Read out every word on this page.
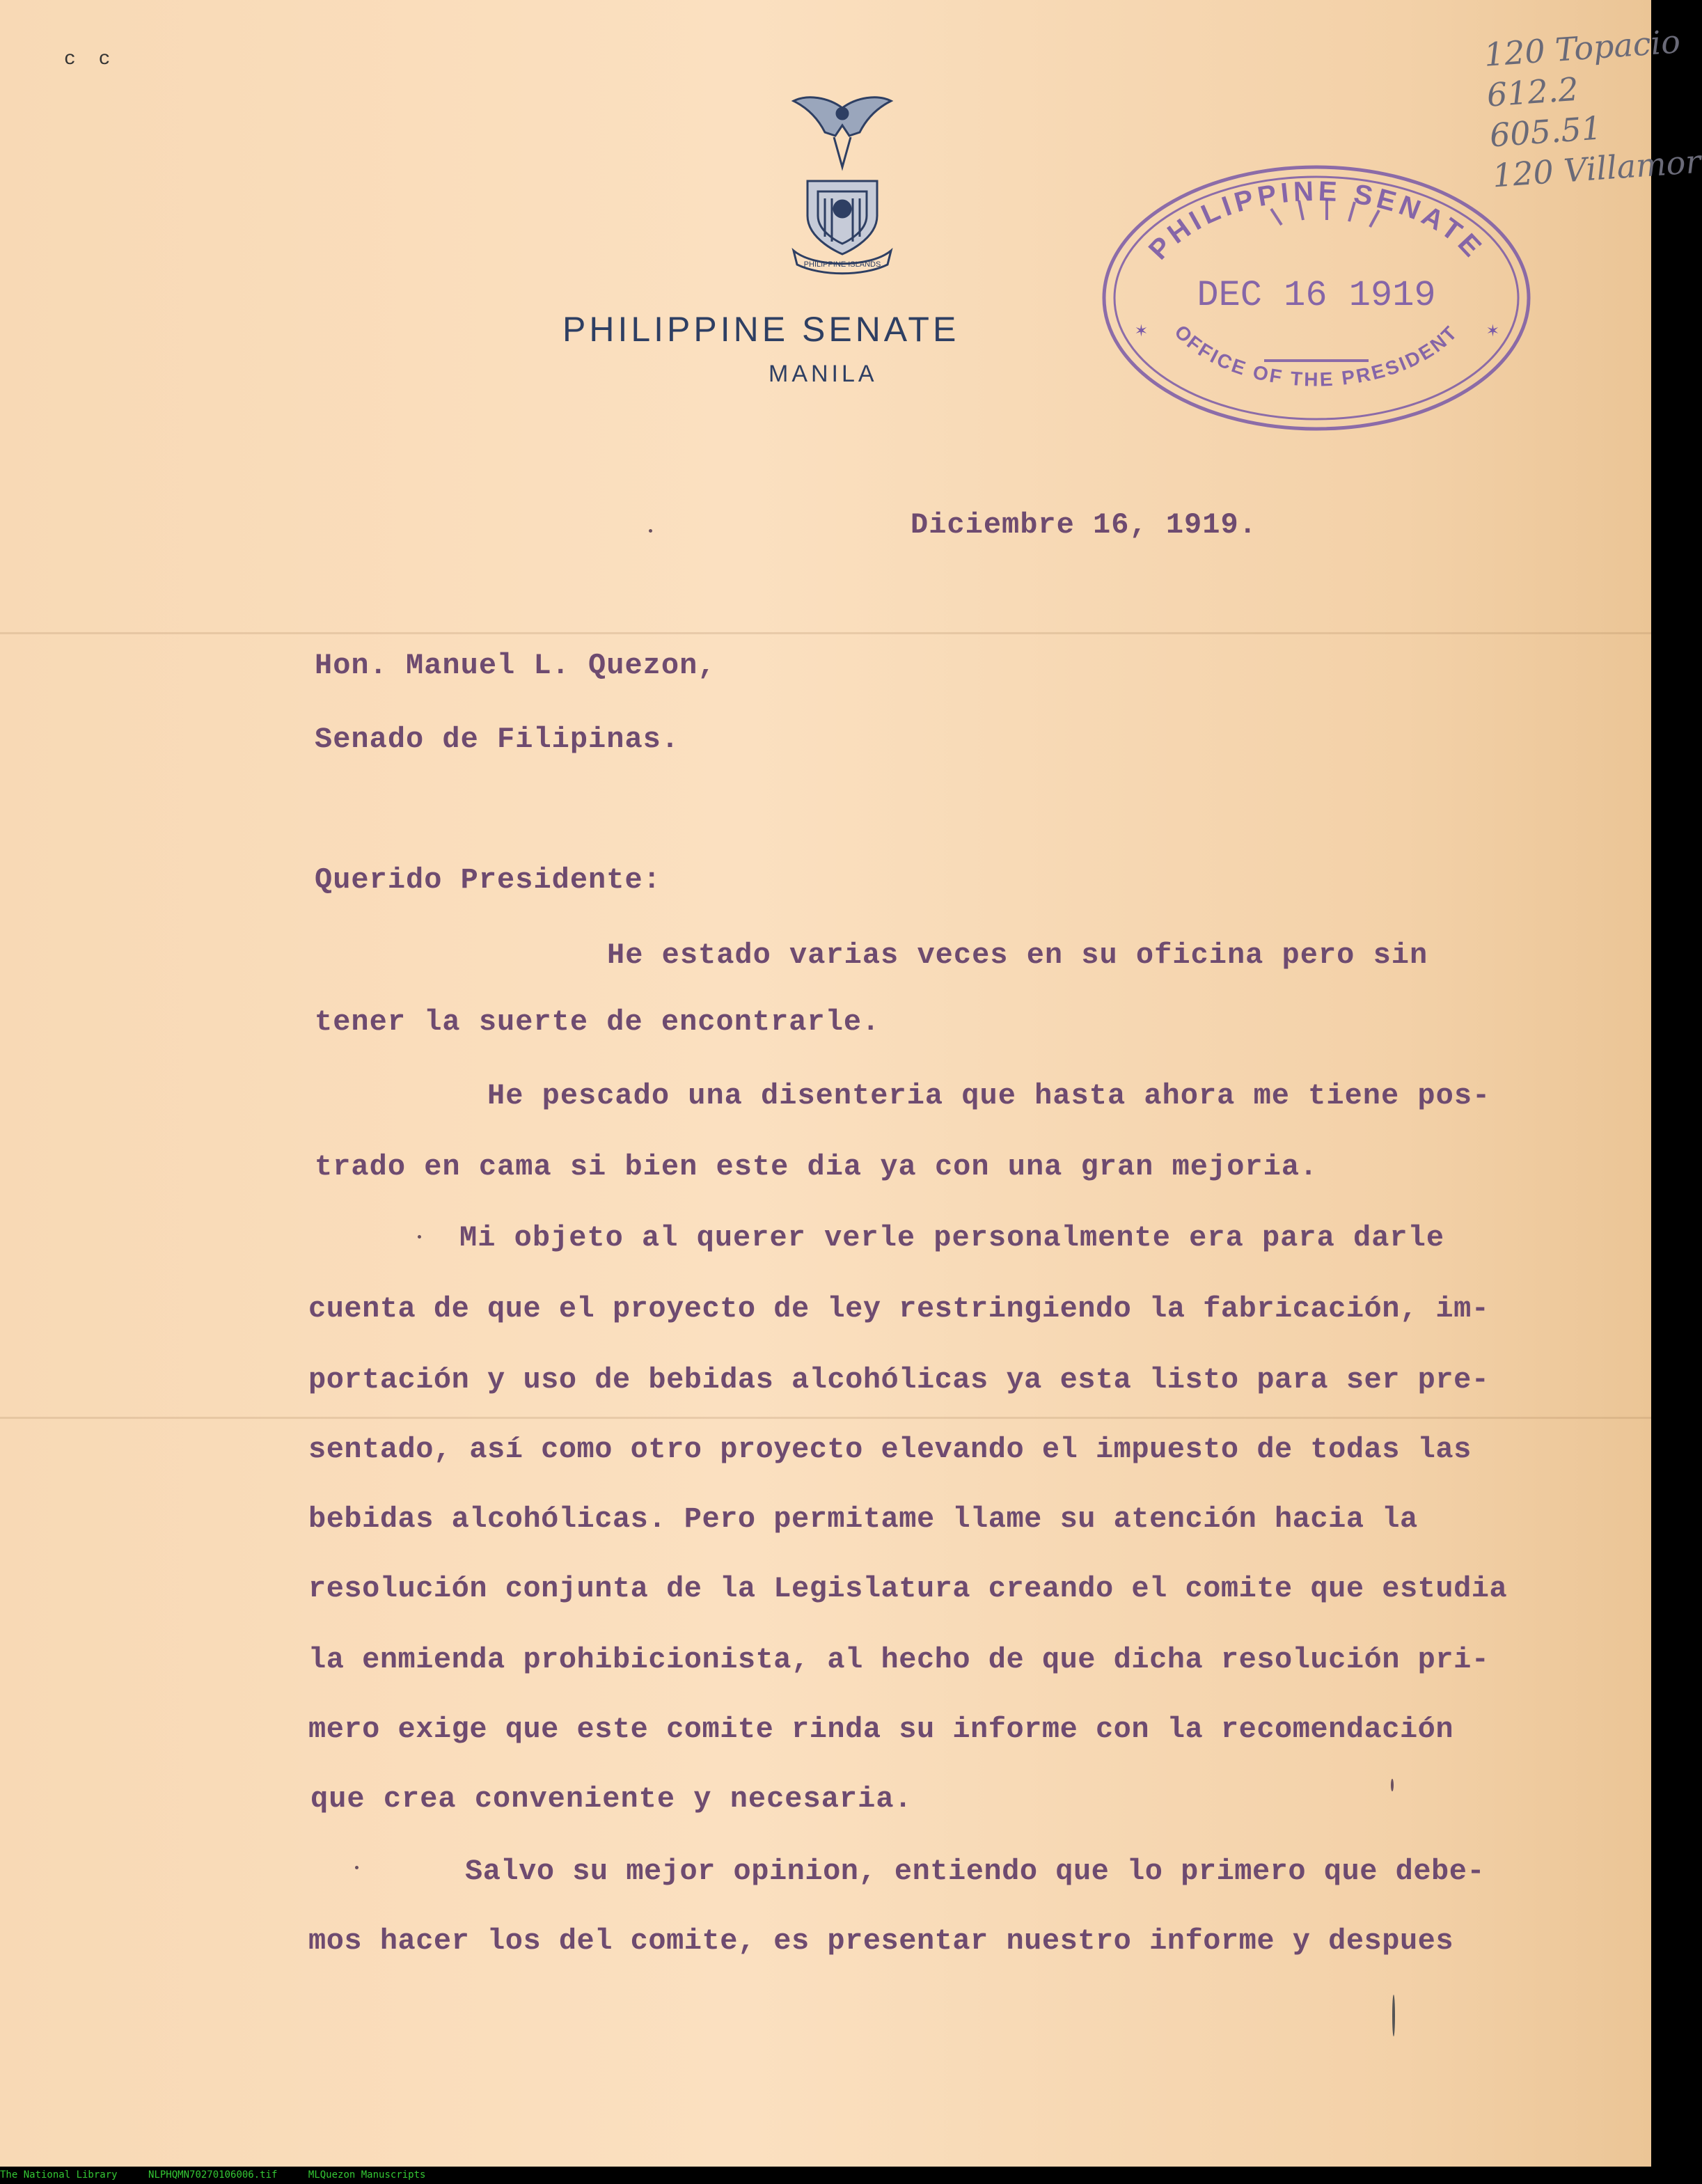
c c
PHILIPPINE ISLANDS
PHILIPPINE SENATE
MANILA
PHILIPPINE SENATE
DEC 16 1919
OFFICE OF THE PRESIDENT
✶	✶
120 Topacio
612.2
605.51
120 Villamor
Diciembre 16, 1919.
Hon. Manuel L. Quezon,
Senado de Filipinas.
Querido Presidente:
He estado varias veces en su oficina pero sin
tener la suerte de encontrarle.
He pescado una disenteria que hasta ahora me tiene pos-
trado en cama si bien este dia ya con una gran mejoria.
Mi objeto al querer verle personalmente era para darle
cuenta de que el proyecto de ley restringiendo la fabricación, im-
portación y uso de bebidas alcohólicas ya esta listo para ser pre-
sentado, así como otro proyecto elevando el impuesto de todas las
bebidas alcohólicas. Pero permitame llame su atención hacia la
resolución conjunta de la Legislatura creando el comite que estudia
la enmienda prohibicionista, al hecho de que dicha resolución pri-
mero exige que este comite rinda su informe con la recomendación
que crea conveniente y necesaria.
Salvo su mejor opinion, entiendo que lo primero que debe-
mos hacer los del comite, es presentar nuestro informe y despues
The National Library	NLPHQMN70270106006.tif	MLQuezon Manuscripts
